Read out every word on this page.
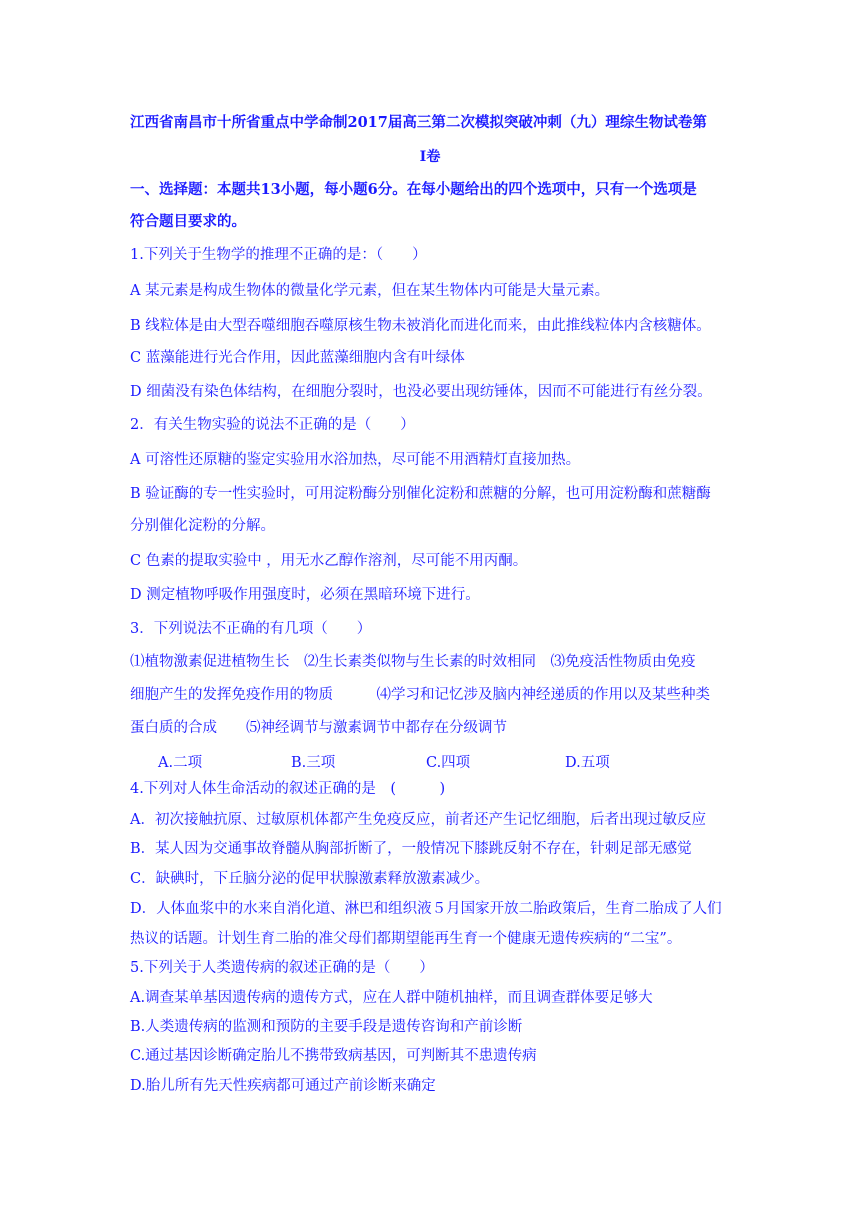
江西省南昌市十所省重点中学命制2017届高三第二次模拟突破冲刺（九）理综生物试卷第
I卷
一、选择题：本题共13小题，每小题6分。在每小题给出的四个选项中，只有一个选项是
符合题目要求的。
1.下列关于生物学的推理不正确的是：（　　）
A 某元素是构成生物体的微量化学元素，但在某生物体内可能是大量元素。
B 线粒体是由大型吞噬细胞吞噬原核生物未被消化而进化而来，由此推线粒体内含核糖体。
C 蓝藻能进行光合作用，因此蓝藻细胞内含有叶绿体
D 细菌没有染色体结构，在细胞分裂时，也没必要出现纺锤体，因而不可能进行有丝分裂。
2．有关生物实验的说法不正确的是（　　）
A 可溶性还原糖的鉴定实验用水浴加热，尽可能不用酒精灯直接加热。
B 验证酶的专一性实验时，可用淀粉酶分别催化淀粉和蔗糖的分解，也可用淀粉酶和蔗糖酶
分别催化淀粉的分解。
C 色素的提取实验中 ，用无水乙醇作溶剂，尽可能不用丙酮。
D 测定植物呼吸作用强度时，必须在黑暗环境下进行。
3．下列说法不正确的有几项（　　）
⑴植物激素促进植物生长　⑵生长素类似物与生长素的时效相同　⑶免疫活性物质由免疫
细胞产生的发挥免疫作用的物质　　　⑷学习和记忆涉及脑内神经递质的作用以及某些种类
蛋白质的合成　　⑸神经调节与激素调节中都存在分级调节
A.二项	B.三项	C.四项	D.五项
4.下列对人体生命活动的叙述正确的是　(　　　)
A．初次接触抗原、过敏原机体都产生免疫反应，前者还产生记忆细胞，后者出现过敏反应
B．某人因为交通事故脊髓从胸部折断了，一般情况下膝跳反射不存在，针刺足部无感觉
C．缺碘时，下丘脑分泌的促甲状腺激素释放激素减少。
D．人体血浆中的水来自消化道、淋巴和组织液５月国家开放二胎政策后，生育二胎成了人们
热议的话题。计划生育二胎的准父母们都期望能再生育一个健康无遗传疾病的“二宝”。
5.下列关于人类遗传病的叙述正确的是（　　）
A.调查某单基因遗传病的遗传方式，应在人群中随机抽样，而且调查群体要足够大
B.人类遗传病的监测和预防的主要手段是遗传咨询和产前诊断
C.通过基因诊断确定胎儿不携带致病基因，可判断其不患遗传病
D.胎儿所有先天性疾病都可通过产前诊断来确定
